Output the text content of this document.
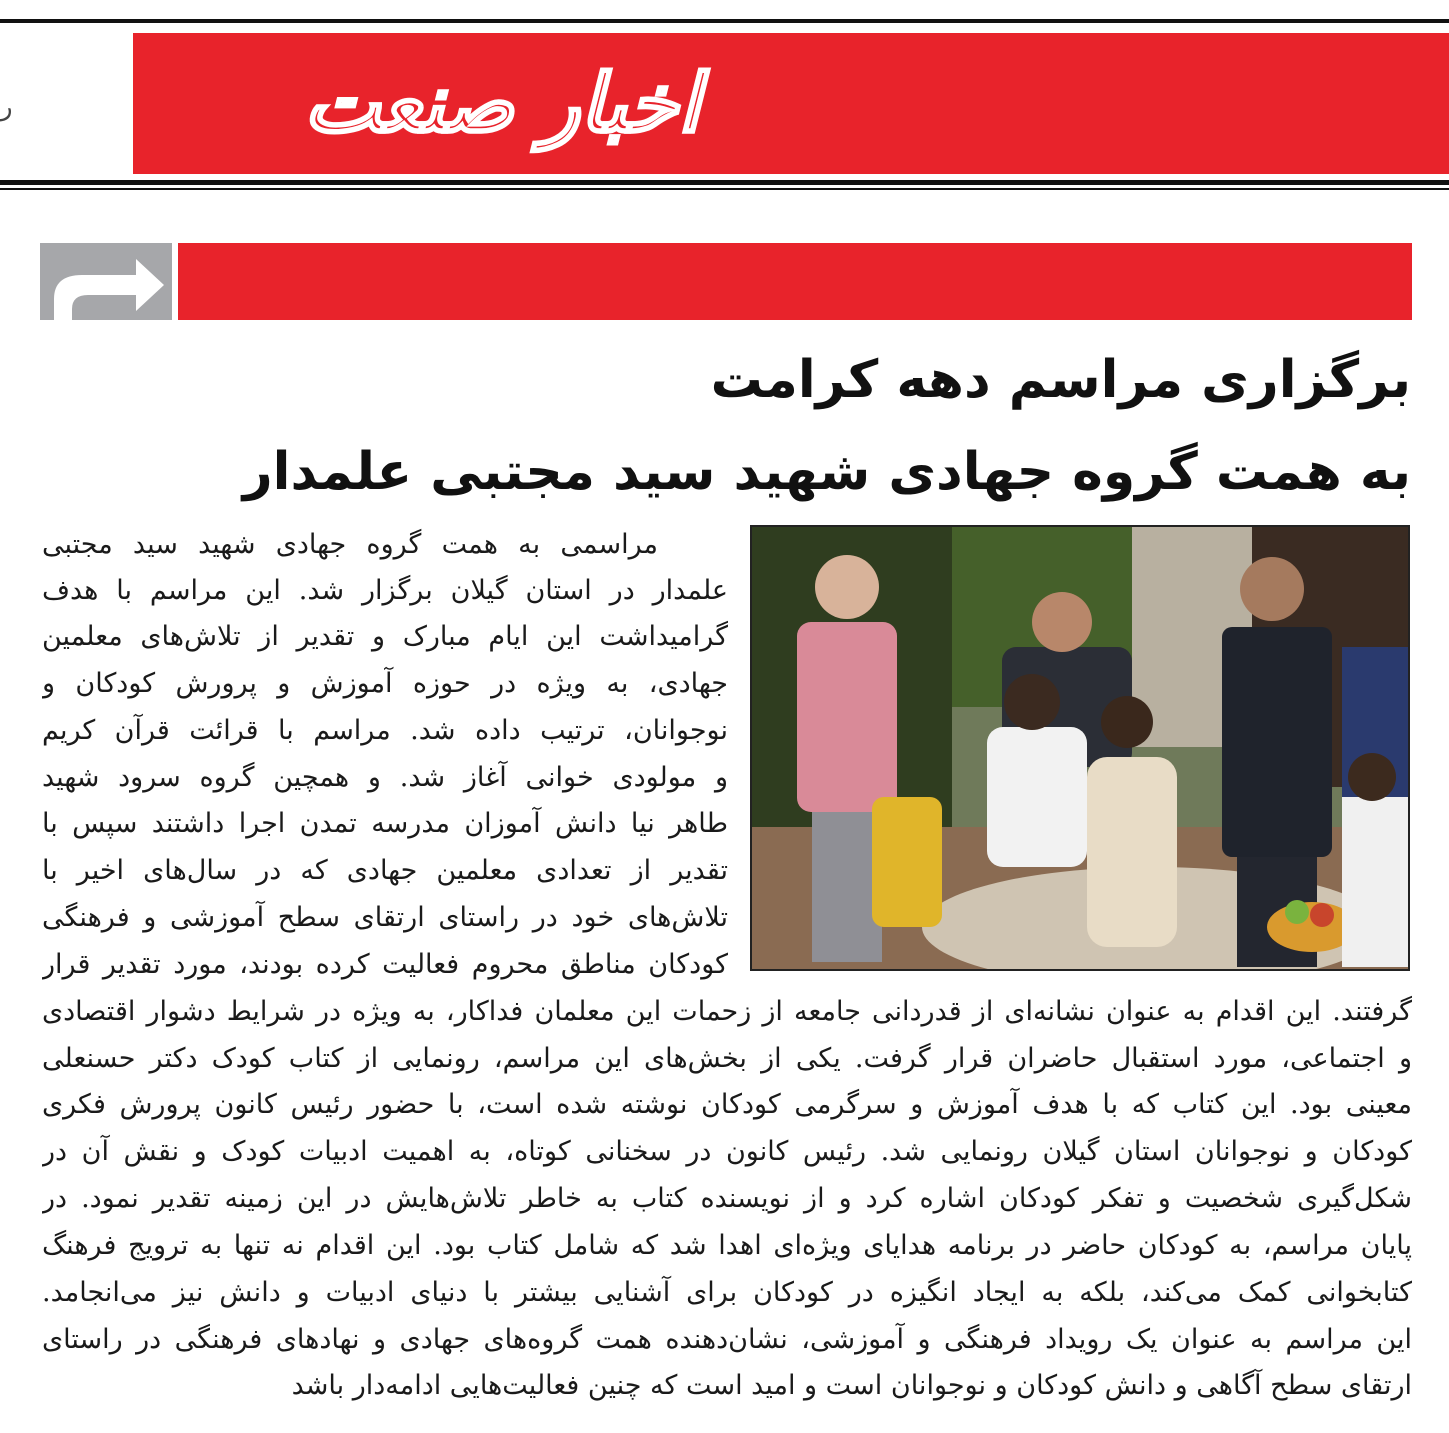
ر	اخبار صنعت
برگزاری مراسم دهه کرامت
به همت گروه جهادی شهید سید مجتبی علمدار
مراسمی به همت گروه جهادی شهید سید مجتبی
علمدار در استان گیلان برگزار شد. این مراسم با هدف
گرامیداشت این ایام مبارک و تقدیر از تلاش‌های معلمین
جهادی، به ویژه در حوزه آموزش و پرورش کودکان و
نوجوانان، ترتیب داده شد. مراسم با قرائت قرآن کریم
و مولودی خوانی آغاز شد. و همچین گروه سرود شهید
طاهر نیا دانش آموزان مدرسه تمدن اجرا داشتند سپس با
تقدیر از تعدادی معلمین جهادی که در سال‌های اخیر با
تلاش‌های خود در راستای ارتقای سطح آموزشی و فرهنگی
کودکان مناطق محروم فعالیت کرده بودند، مورد تقدیر قرار
گرفتند. این اقدام به عنوان نشانه‌ای از قدردانی جامعه از زحمات این معلمان فداکار، به ویژه در شرایط دشوار اقتصادی
و اجتماعی، مورد استقبال حاضران قرار گرفت. یکی از بخش‌های این مراسم، رونمایی از کتاب کودک دکتر حسنعلی
معینی بود. این کتاب که با هدف آموزش و سرگرمی کودکان نوشته شده است، با حضور رئیس کانون پرورش فکری
کودکان و نوجوانان استان گیلان رونمایی شد. رئیس کانون در سخنانی کوتاه، به اهمیت ادبیات کودک و نقش آن در
شکل‌گیری شخصیت و تفکر کودکان اشاره کرد و از نویسنده کتاب به خاطر تلاش‌هایش در این زمینه تقدیر نمود. در
پایان مراسم، به کودکان حاضر در برنامه هدایای ویژه‌ای اهدا شد که شامل کتاب بود. این اقدام نه تنها به ترویج فرهنگ
کتابخوانی کمک می‌کند، بلکه به ایجاد انگیزه در کودکان برای آشنایی بیشتر با دنیای ادبیات و دانش نیز می‌انجامد.
این مراسم به عنوان یک رویداد فرهنگی و آموزشی، نشان‌دهنده همت گروه‌های جهادی و نهادهای فرهنگی در راستای
ارتقای سطح آگاهی و دانش کودکان و نوجوانان است و امید است که چنین فعالیت‌هایی ادامه‌دار باشد
